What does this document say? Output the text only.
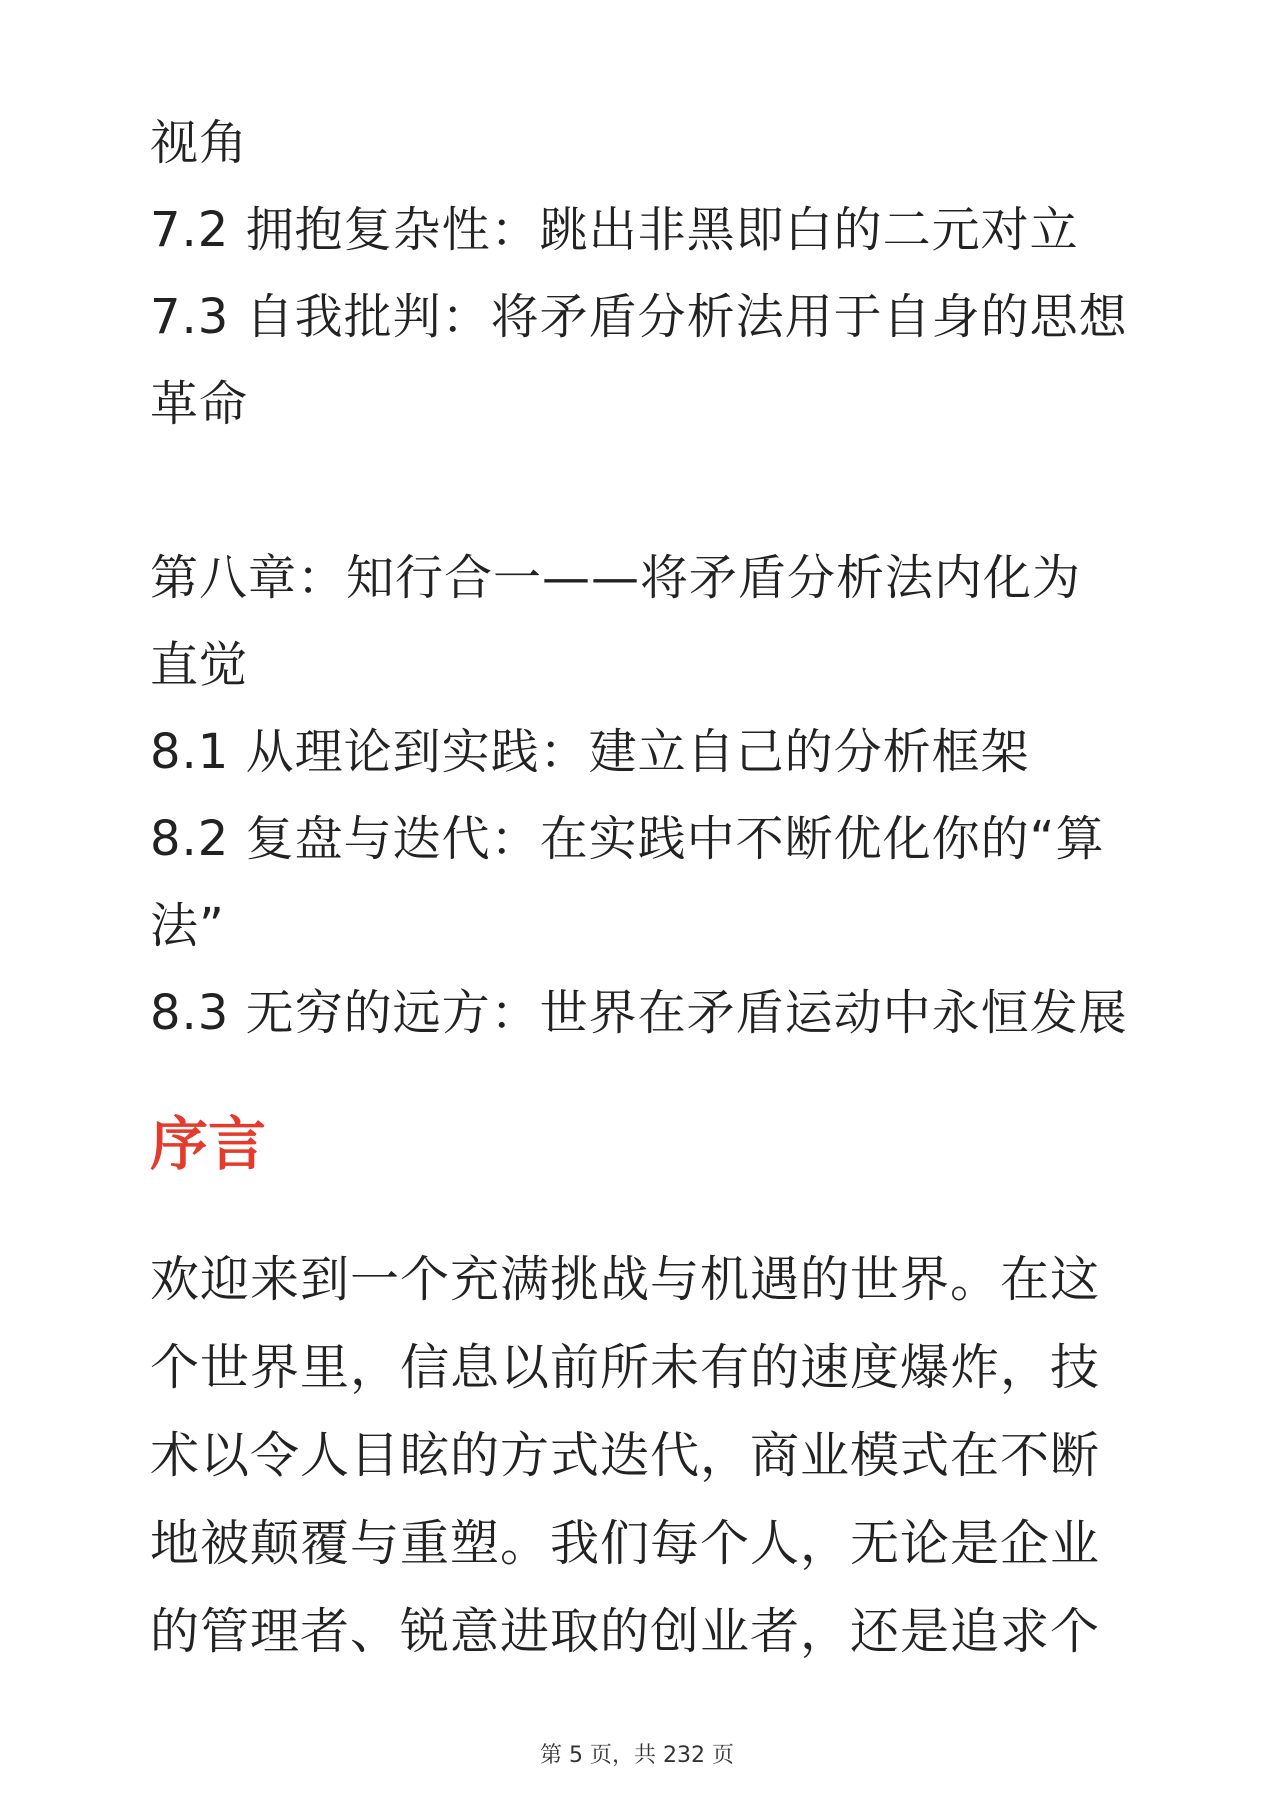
视角
7.2 拥抱复杂性：跳出非黑即白的二元对立
7.3 自我批判：将矛盾分析法用于自身的思想
革命
第八章：知行合一——将矛盾分析法内化为
直觉
8.1 从理论到实践：建立自己的分析框架
8.2 复盘与迭代：在实践中不断优化你的“算
法”
8.3 无穷的远方：世界在矛盾运动中永恒发展
序言
欢迎来到一个充满挑战与机遇的世界。在这
个世界里，信息以前所未有的速度爆炸，技
术以令人目眩的方式迭代，商业模式在不断
地被颠覆与重塑。我们每个人，无论是企业
的管理者、锐意进取的创业者，还是追求个
第 5 页，共 232 页
